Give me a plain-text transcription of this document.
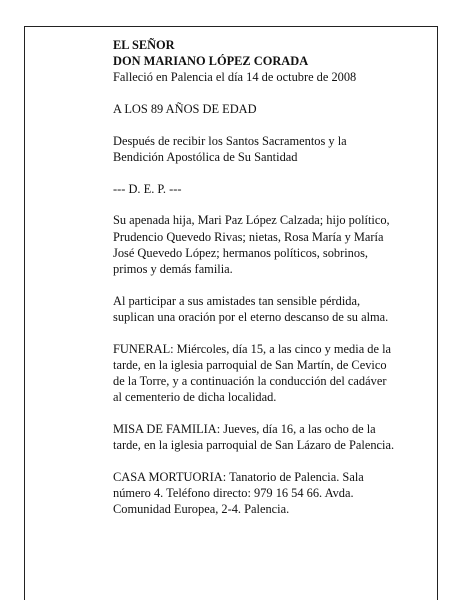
EL SEÑOR
DON MARIANO LÓPEZ CORADA
Falleció en Palencia el día 14 de octubre de 2008

A LOS 89 AÑOS DE EDAD

Después de recibir los Santos Sacramentos y la
Bendición Apostólica de Su Santidad

--- D. E. P. ---

Su apenada hija, Mari Paz López Calzada; hijo político,
Prudencio Quevedo Rivas; nietas, Rosa María y María
José Quevedo López; hermanos políticos, sobrinos,
primos y demás familia.

Al participar a sus amistades tan sensible pérdida,
suplican una oración por el eterno descanso de su alma.

FUNERAL: Miércoles, día 15, a las cinco y media de la
tarde, en la iglesia parroquial de San Martín, de Cevico
de la Torre, y a continuación la conducción del cadáver
al cementerio de dicha localidad.

MISA DE FAMILIA: Jueves, día 16, a las ocho de la
tarde, en la iglesia parroquial de San Lázaro de Palencia.

CASA MORTUORIA: Tanatorio de Palencia. Sala
número 4. Teléfono directo: 979 16 54 66. Avda.
Comunidad Europea, 2-4. Palencia.
